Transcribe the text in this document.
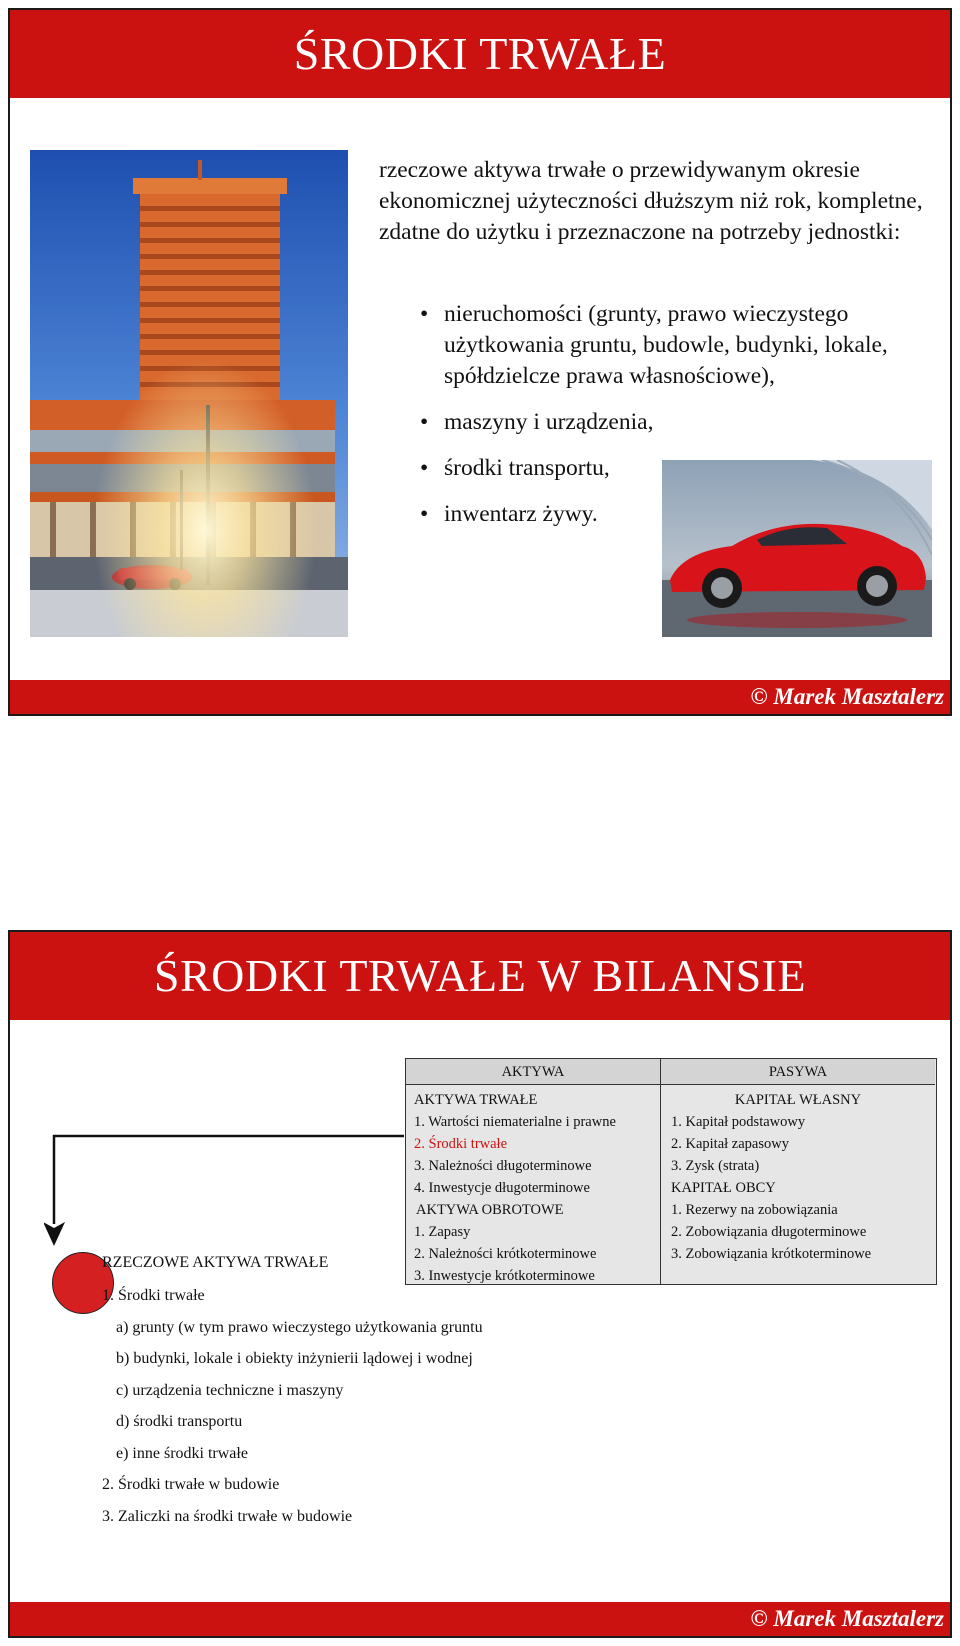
ŚRODKI TRWAŁE
rzeczowe aktywa trwałe o przewidywanym okresie ekonomicznej użyteczności dłuższym niż rok, kompletne, zdatne do użytku i przeznaczone na potrzeby jednostki:
• nieruchomości (grunty, prawo wieczystego użytkowania gruntu, budowle, budynki, lokale, spółdzielcze prawa własnościowe),
• maszyny i urządzenia,
• środki transportu,
• inwentarz żywy.
© Marek Masztalerz
ŚRODKI TRWAŁE W BILANSIE
AKTYWA	PASYWA
AKTYWA TRWAŁE
1. Wartości niematerialne i prawne
2. Środki trwałe
3. Należności długoterminowe
4. Inwestycje długoterminowe
AKTYWA OBROTOWE
1. Zapasy
2. Należności krótkoterminowe
3. Inwestycje krótkoterminowe
KAPITAŁ WŁASNY
1. Kapitał podstawowy
2. Kapitał zapasowy
3. Zysk (strata)
KAPITAŁ OBCY
1. Rezerwy na zobowiązania
2. Zobowiązania długoterminowe
3. Zobowiązania krótkoterminowe
RZECZOWE AKTYWA TRWAŁE
1. Środki trwałe
a) grunty (w tym prawo wieczystego użytkowania gruntu
b) budynki, lokale i obiekty inżynierii lądowej i wodnej
c) urządzenia techniczne i maszyny
d) środki transportu
e) inne środki trwałe
2. Środki trwałe w budowie
3. Zaliczki na środki trwałe w budowie
© Marek Masztalerz
